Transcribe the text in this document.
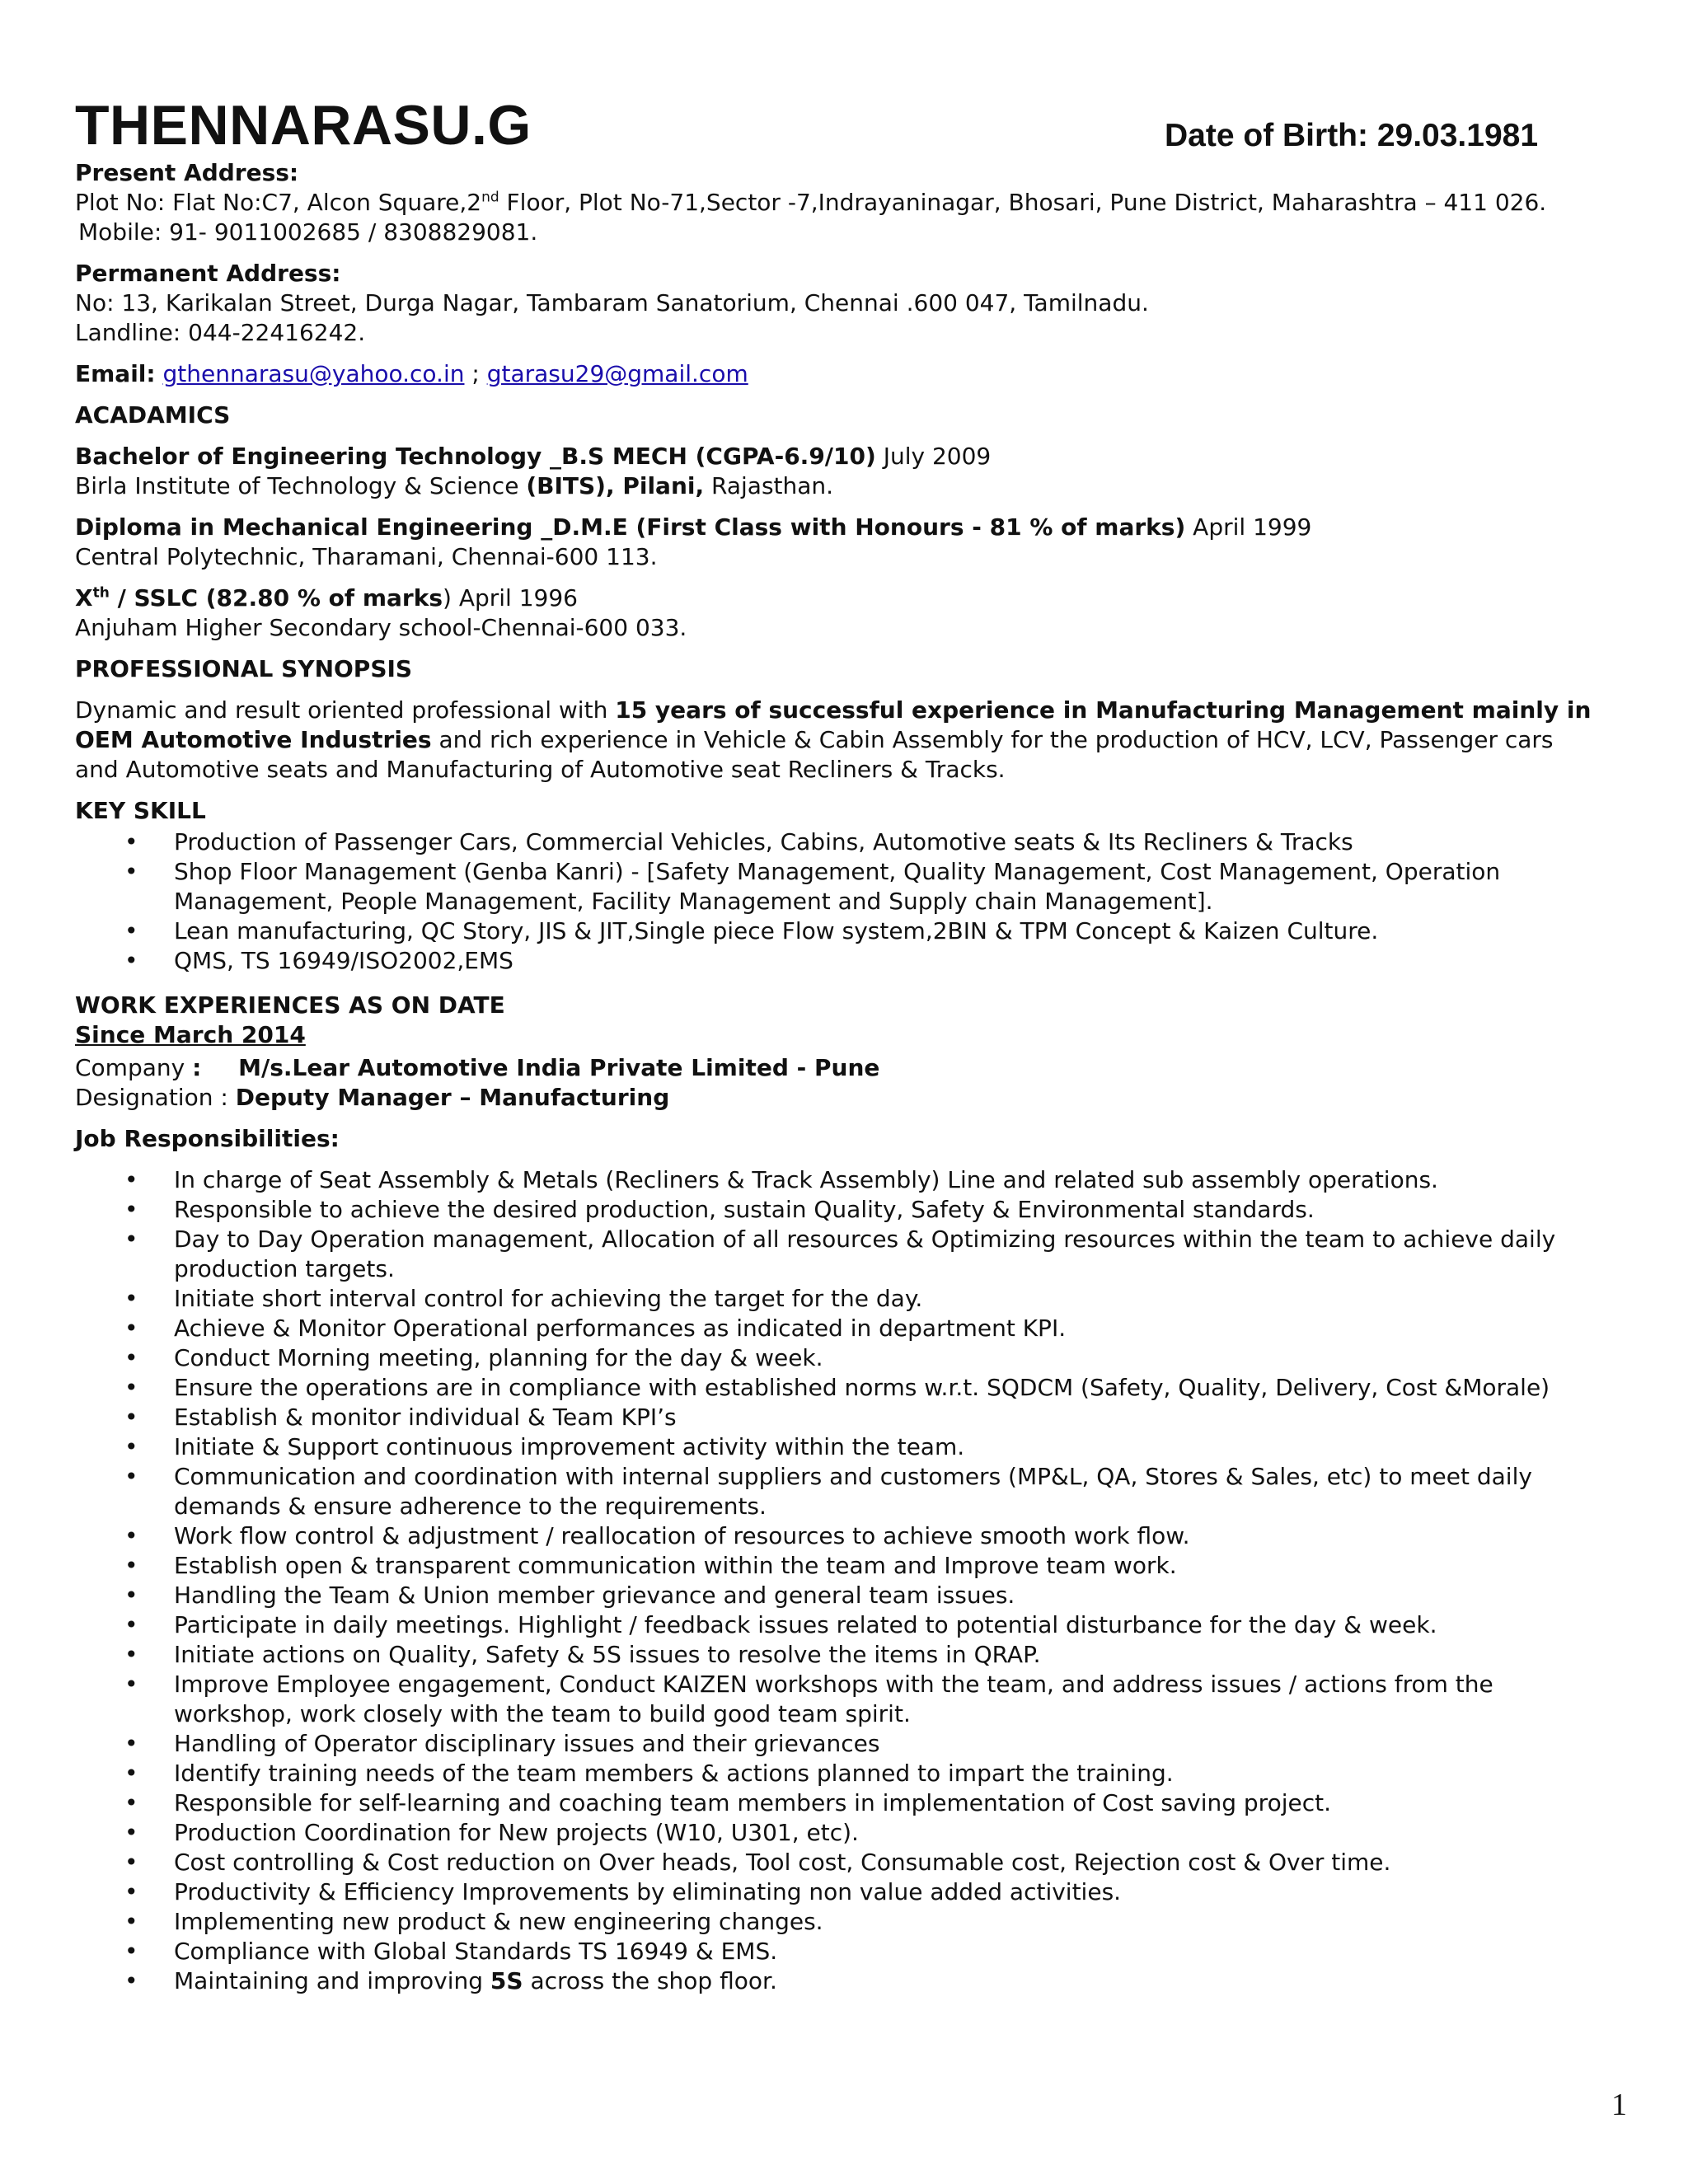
THENNARASU.G	Date of Birth: 29.03.1981
Present Address:
Plot No: Flat No:C7, Alcon Square,2nd Floor, Plot No-71,Sector -7,Indrayaninagar, Bhosari, Pune District, Maharashtra – 411 026.
Mobile: 91- 9011002685 / 8308829081.
Permanent Address:
No: 13, Karikalan Street, Durga Nagar, Tambaram Sanatorium, Chennai .600 047, Tamilnadu.
Landline: 044-22416242.
Email: gthennarasu@yahoo.co.in ; gtarasu29@gmail.com
ACADAMICS
Bachelor of Engineering Technology _B.S MECH (CGPA-6.9/10) July 2009
Birla Institute of Technology & Science (BITS), Pilani, Rajasthan.
Diploma in Mechanical Engineering _D.M.E (First Class with Honours - 81 % of marks) April 1999
Central Polytechnic, Tharamani, Chennai-600 113.
Xth / SSLC (82.80 % of marks) April 1996
Anjuham Higher Secondary school-Chennai-600 033.
PROFESSIONAL SYNOPSIS
Dynamic and result oriented professional with 15 years of successful experience in Manufacturing Management mainly in
OEM Automotive Industries and rich experience in Vehicle & Cabin Assembly for the production of HCV, LCV, Passenger cars
and Automotive seats and Manufacturing of Automotive seat Recliners & Tracks.
KEY SKILL
• Production of Passenger Cars, Commercial Vehicles, Cabins, Automotive seats & Its Recliners & Tracks
• Shop Floor Management (Genba Kanri) - [Safety Management, Quality Management, Cost Management, Operation
Management, People Management, Facility Management and Supply chain Management].
• Lean manufacturing, QC Story, JIS & JIT,Single piece Flow system,2BIN & TPM Concept & Kaizen Culture.
• QMS, TS 16949/ISO2002,EMS
WORK EXPERIENCES AS ON DATE
Since March 2014
Company : M/s.Lear Automotive India Private Limited - Pune
Designation : Deputy Manager – Manufacturing
Job Responsibilities:
• In charge of Seat Assembly & Metals (Recliners & Track Assembly) Line and related sub assembly operations.
• Responsible to achieve the desired production, sustain Quality, Safety & Environmental standards.
• Day to Day Operation management, Allocation of all resources & Optimizing resources within the team to achieve daily
production targets.
• Initiate short interval control for achieving the target for the day.
• Achieve & Monitor Operational performances as indicated in department KPI.
• Conduct Morning meeting, planning for the day & week.
• Ensure the operations are in compliance with established norms w.r.t. SQDCM (Safety, Quality, Delivery, Cost &Morale)
• Establish & monitor individual & Team KPI’s
• Initiate & Support continuous improvement activity within the team.
• Communication and coordination with internal suppliers and customers (MP&L, QA, Stores & Sales, etc) to meet daily
demands & ensure adherence to the requirements.
• Work flow control & adjustment / reallocation of resources to achieve smooth work flow.
• Establish open & transparent communication within the team and Improve team work.
• Handling the Team & Union member grievance and general team issues.
• Participate in daily meetings. Highlight / feedback issues related to potential disturbance for the day & week.
• Initiate actions on Quality, Safety & 5S issues to resolve the items in QRAP.
• Improve Employee engagement, Conduct KAIZEN workshops with the team, and address issues / actions from the
workshop, work closely with the team to build good team spirit.
• Handling of Operator disciplinary issues and their grievances
• Identify training needs of the team members & actions planned to impart the training.
• Responsible for self-learning and coaching team members in implementation of Cost saving project.
• Production Coordination for New projects (W10, U301, etc).
• Cost controlling & Cost reduction on Over heads, Tool cost, Consumable cost, Rejection cost & Over time.
• Productivity & Efficiency Improvements by eliminating non value added activities.
• Implementing new product & new engineering changes.
• Compliance with Global Standards TS 16949 & EMS.
• Maintaining and improving 5S across the shop floor.
1
